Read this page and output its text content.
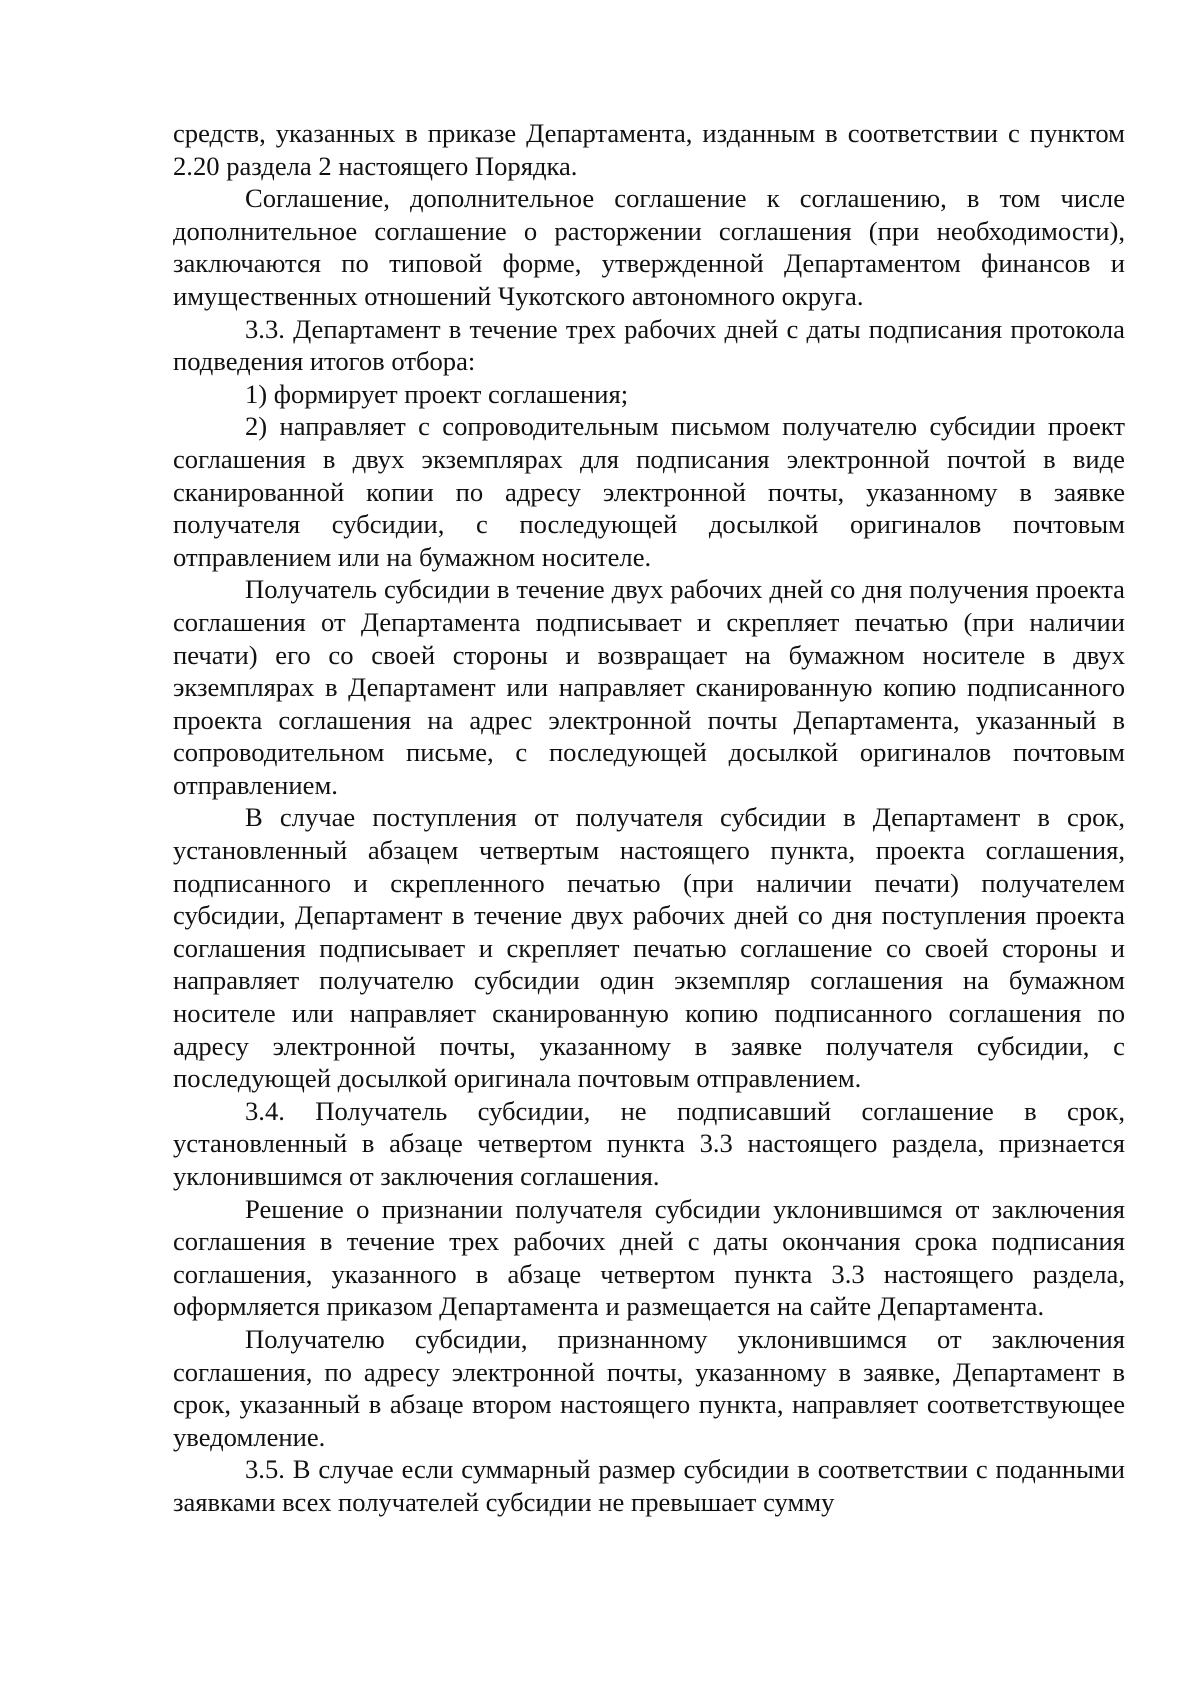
средств, указанных в приказе Департамента, изданным в соответствии с пунктом 2.20 раздела 2 настоящего Порядка.

Соглашение, дополнительное соглашение к соглашению, в том числе дополнительное соглашение о расторжении соглашения (при необходимости), заключаются по типовой форме, утвержденной Департаментом финансов и имущественных отношений Чукотского автономного округа.

3.3. Департамент в течение трех рабочих дней с даты подписания протокола подведения итогов отбора:

1) формирует проект соглашения;

2) направляет с сопроводительным письмом получателю субсидии проект соглашения в двух экземплярах для подписания электронной почтой в виде сканированной копии по адресу электронной почты, указанному в заявке получателя субсидии, с последующей досылкой оригиналов почтовым отправлением или на бумажном носителе.

Получатель субсидии в течение двух рабочих дней со дня получения проекта соглашения от Департамента подписывает и скрепляет печатью (при наличии печати) его со своей стороны и возвращает на бумажном носителе в двух экземплярах в Департамент или направляет сканированную копию подписанного проекта соглашения на адрес электронной почты Департамента, указанный в сопроводительном письме, с последующей досылкой оригиналов почтовым отправлением.

В случае поступления от получателя субсидии в Департамент в срок, установленный абзацем четвертым настоящего пункта, проекта соглашения, подписанного и скрепленного печатью (при наличии печати) получателем субсидии, Департамент в течение двух рабочих дней со дня поступления проекта соглашения подписывает и скрепляет печатью соглашение со своей стороны и направляет получателю субсидии один экземпляр соглашения на бумажном носителе или направляет сканированную копию подписанного соглашения по адресу электронной почты, указанному в заявке получателя субсидии, с последующей досылкой оригинала почтовым отправлением.

3.4. Получатель субсидии, не подписавший соглашение в срок, установленный в абзаце четвертом пункта 3.3 настоящего раздела, признается уклонившимся от заключения соглашения.

Решение о признании получателя субсидии уклонившимся от заключения соглашения в течение трех рабочих дней с даты окончания срока подписания соглашения, указанного в абзаце четвертом пункта 3.3 настоящего раздела, оформляется приказом Департамента и размещается на сайте Департамента.

Получателю субсидии, признанному уклонившимся от заключения соглашения, по адресу электронной почты, указанному в заявке, Департамент в срок, указанный в абзаце втором настоящего пункта, направляет соответствующее уведомление.

3.5. В случае если суммарный размер субсидии в соответствии с поданными заявками всех получателей субсидии не превышает сумму
